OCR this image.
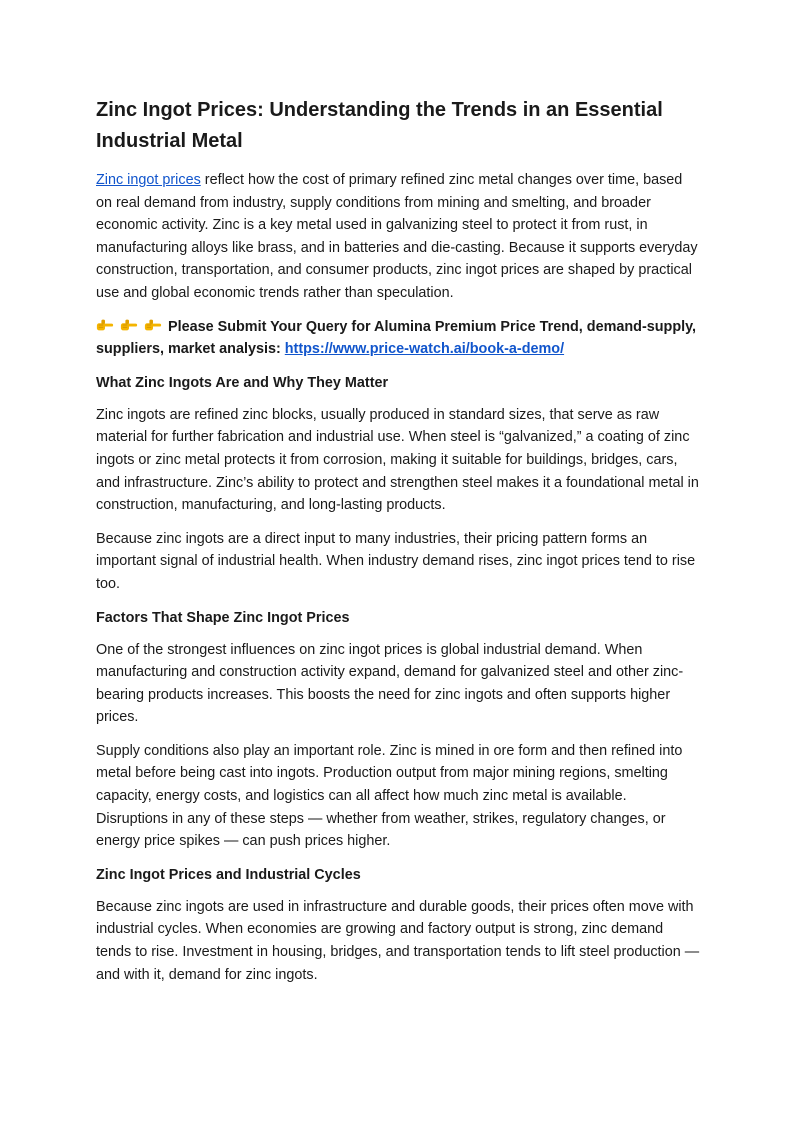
Zinc Ingot Prices: Understanding the Trends in an Essential Industrial Metal

Zinc ingot prices reflect how the cost of primary refined zinc metal changes over time, based on real demand from industry, supply conditions from mining and smelting, and broader economic activity. Zinc is a key metal used in galvanizing steel to protect it from rust, in manufacturing alloys like brass, and in batteries and die-casting. Because it supports everyday construction, transportation, and consumer products, zinc ingot prices are shaped by practical use and global economic trends rather than speculation.

Please Submit Your Query for Alumina Premium Price Trend, demand-supply, suppliers, market analysis: https://www.price-watch.ai/book-a-demo/

What Zinc Ingots Are and Why They Matter

Zinc ingots are refined zinc blocks, usually produced in standard sizes, that serve as raw material for further fabrication and industrial use. When steel is “galvanized,” a coating of zinc ingots or zinc metal protects it from corrosion, making it suitable for buildings, bridges, cars, and infrastructure. Zinc’s ability to protect and strengthen steel makes it a foundational metal in construction, manufacturing, and long-lasting products.

Because zinc ingots are a direct input to many industries, their pricing pattern forms an important signal of industrial health. When industry demand rises, zinc ingot prices tend to rise too.

Factors That Shape Zinc Ingot Prices

One of the strongest influences on zinc ingot prices is global industrial demand. When manufacturing and construction activity expand, demand for galvanized steel and other zinc-bearing products increases. This boosts the need for zinc ingots and often supports higher prices.

Supply conditions also play an important role. Zinc is mined in ore form and then refined into metal before being cast into ingots. Production output from major mining regions, smelting capacity, energy costs, and logistics can all affect how much zinc metal is available. Disruptions in any of these steps — whether from weather, strikes, regulatory changes, or energy price spikes — can push prices higher.

Zinc Ingot Prices and Industrial Cycles

Because zinc ingots are used in infrastructure and durable goods, their prices often move with industrial cycles. When economies are growing and factory output is strong, zinc demand tends to rise. Investment in housing, bridges, and transportation tends to lift steel production — and with it, demand for zinc ingots.
